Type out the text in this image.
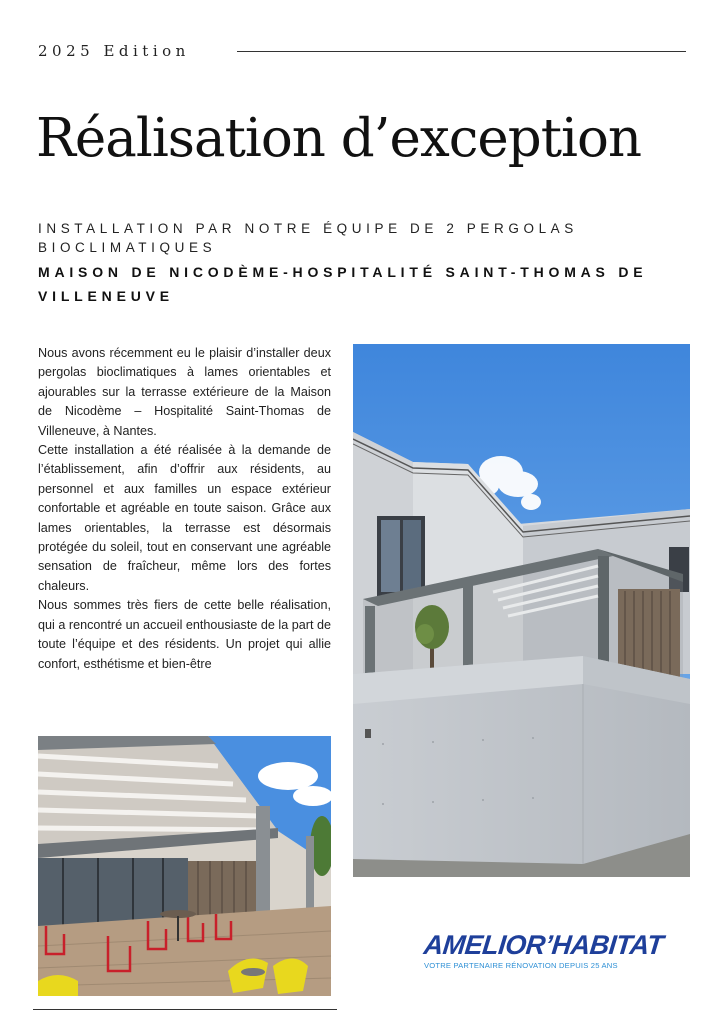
2025 Edition
Réalisation d’exception
INSTALLATION PAR NOTRE ÉQUIPE DE 2 PERGOLAS BIOCLIMATIQUES
MAISON DE NICODÈME-HOSPITALITÉ SAINT-THOMAS DE VILLENEUVE

Nous avons récemment eu le plaisir d’installer deux pergolas bioclimatiques à lames orientables et ajourables sur la terrasse extérieure de la Maison de Nicodème – Hospitalité Saint-Thomas de Villeneuve, à Nantes.

Cette installation a été réalisée à la demande de l’établissement, afin d’offrir aux résidents, au personnel et aux familles un espace extérieur confortable et agréable en toute saison. Grâce aux lames orientables, la terrasse est désormais protégée du soleil, tout en conservant une agréable sensation de fraîcheur, même lors des fortes chaleurs.

Nous sommes très fiers de cette belle réalisation, qui a rencontré un accueil enthousiaste de la part de toute l’équipe et des résidents. Un projet qui allie confort, esthétisme et bien-être

AMELIOR’HABITAT
VOTRE PARTENAIRE RÉNOVATION DEPUIS 25 ANS
